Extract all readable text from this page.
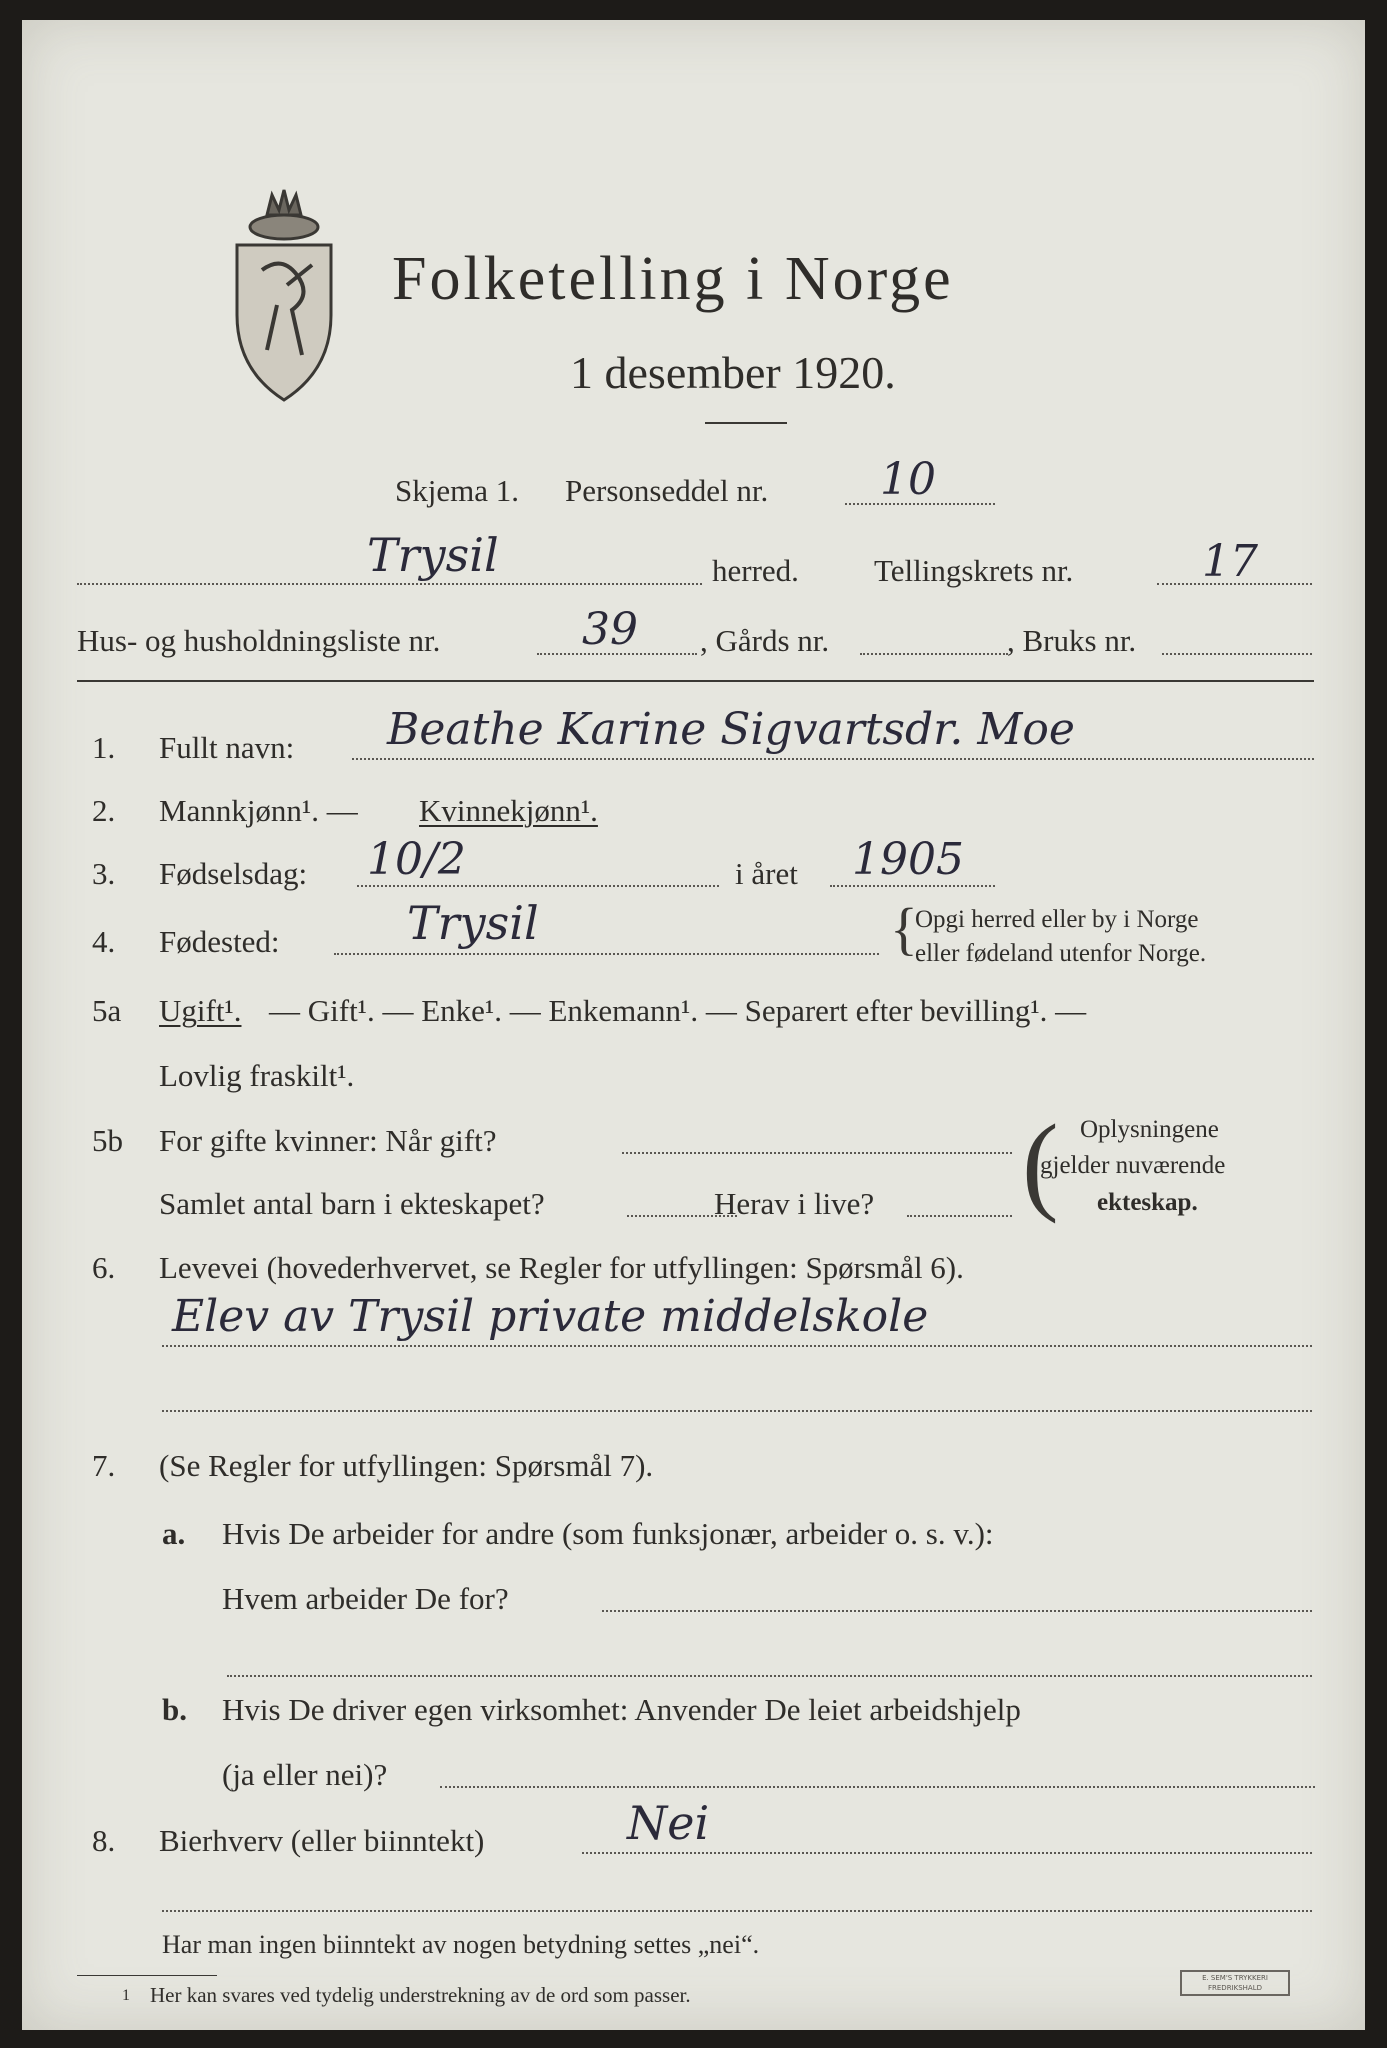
Folketelling i Norge
1 desember 1920.
Skjema 1. Personseddel nr.	10
Trysil	herred. Tellingskrets nr.	17
Hus- og husholdningsliste nr.	39 , Gårds nr.	, Bruks nr.
1. Fullt navn: Beathe Karine Sigvartsdr. Moe
2. Mannkjønn¹. — Kvinnekjønn¹.
3. Fødselsdag: 10/2	i året 1905
4. Fødested:	Trysil	{
Opgi herred eller by i Norge
eller fødeland utenfor Norge.
5a Ugift¹. — Gift¹. — Enke¹. — Enkemann¹. — Separert efter bevilling¹. —
Lovlig fraskilt¹.
5b For gifte kvinner: Når gift?
Samlet antal barn i ekteskapet?	Herav i live? ( Oplysningene
gjelder nuværende
ekteskap.
6. Levevei (hovederhvervet, se Regler for utfyllingen: Spørsmål 6).
Elev av Trysil private middelskole
7. (Se Regler for utfyllingen: Spørsmål 7).
a. Hvis De arbeider for andre (som funksjonær, arbeider o. s. v.):
Hvem arbeider De for?
b. Hvis De driver egen virksomhet: Anvender De leiet arbeidshjelp
(ja eller nei)?
8. Bierhverv (eller biinntekt)	Nei
Har man ingen biinntekt av nogen betydning settes „nei“.
1 Her kan svares ved tydelig understrekning av de ord som passer.
E. SEM'S TRYKKERI
FREDRIKSHALD
